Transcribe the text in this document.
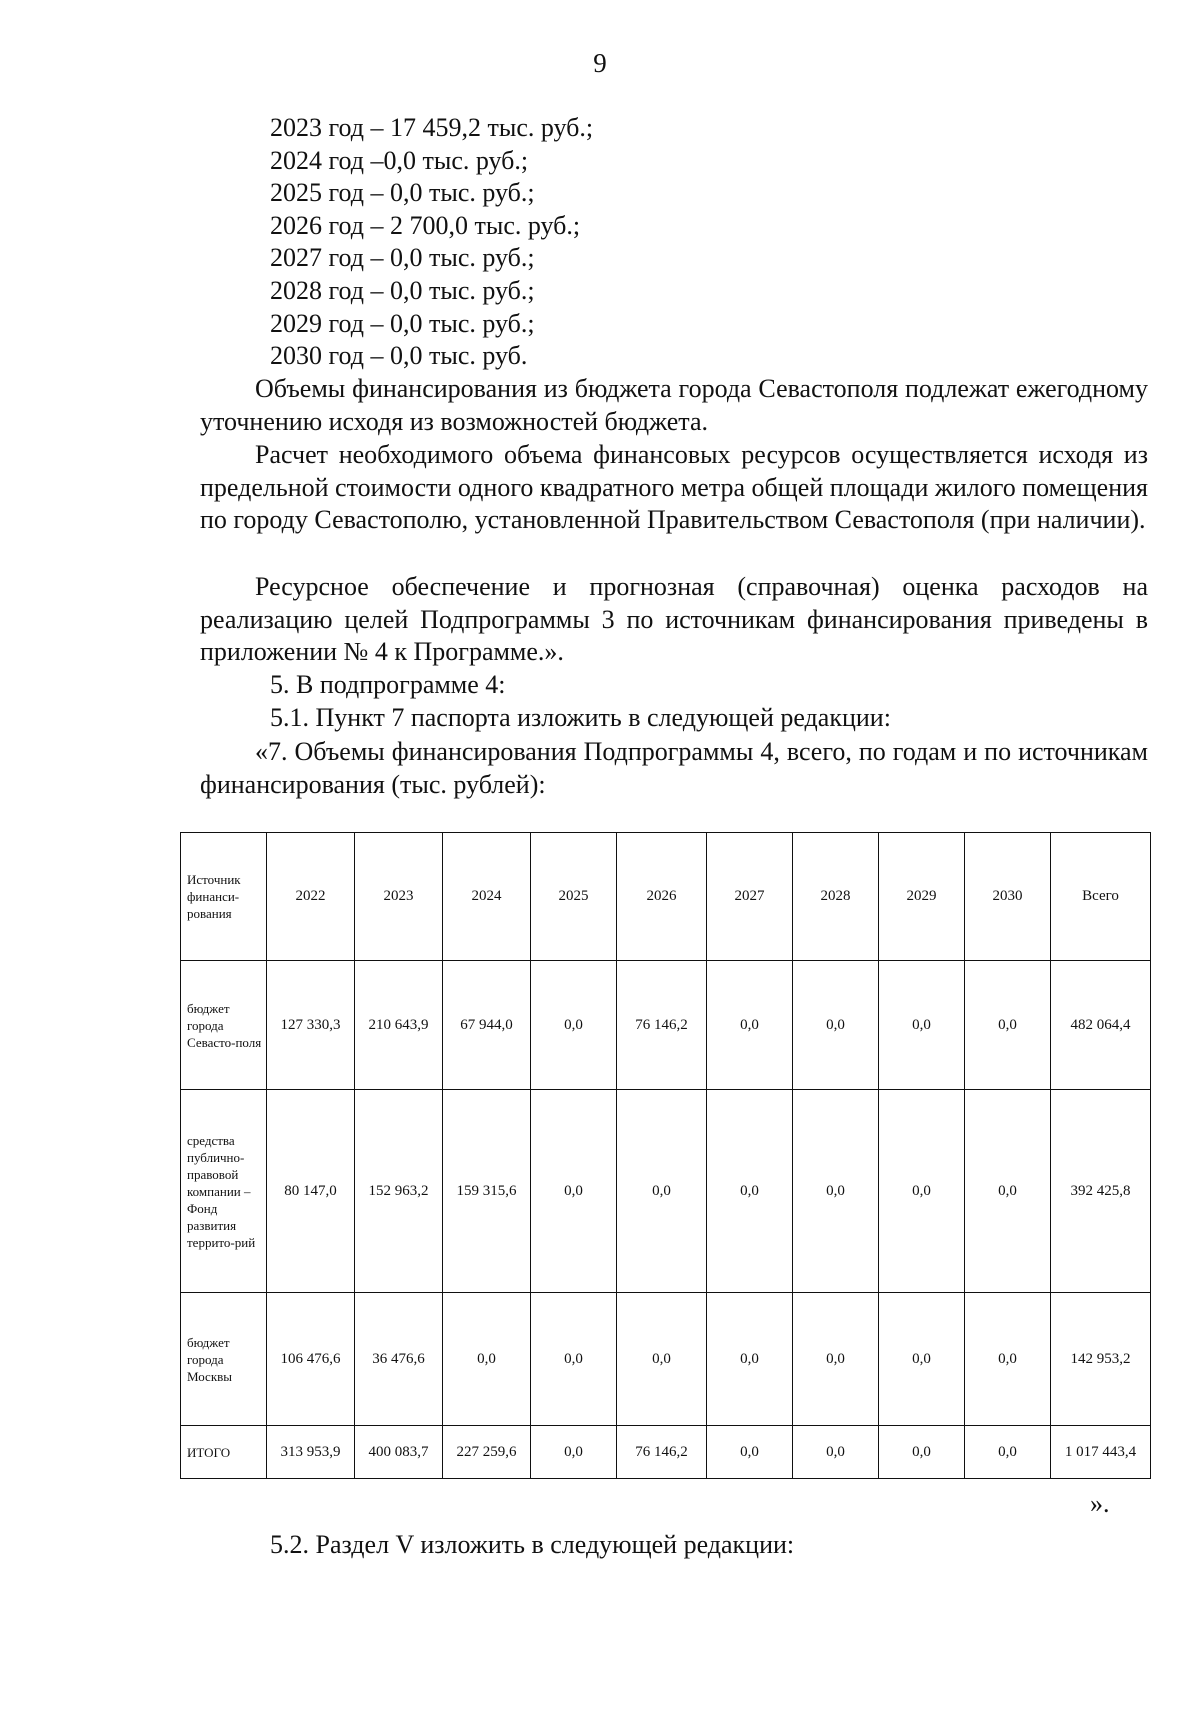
9
2023 год – 17 459,2 тыс. руб.;
2024 год –0,0 тыс. руб.;
2025 год – 0,0 тыс. руб.;
2026 год – 2 700,0 тыс. руб.;
2027 год – 0,0 тыс. руб.;
2028 год – 0,0 тыс. руб.;
2029 год – 0,0 тыс. руб.;
2030 год – 0,0 тыс. руб.
Объемы финансирования из бюджета города Севастополя подлежат ежегодному уточнению исходя из возможностей бюджета.
Расчет необходимого объема финансовых ресурсов осуществляется исходя из предельной стоимости одного квадратного метра общей площади жилого помещения по городу Севастополю, установленной Правительством Севастополя (при наличии).
Ресурсное обеспечение и прогнозная (справочная) оценка расходов на реализацию целей Подпрограммы 3 по источникам финансирования приведены в приложении № 4 к Программе.».
5. В подпрограмме 4:
5.1. Пункт 7 паспорта изложить в следующей редакции:
«7. Объемы финансирования Подпрограммы 4, всего, по годам и по источникам финансирования (тыс. рублей):
Источник финанси-рования	2022	2023	2024	2025	2026	2027	2028	2029	2030	Всего
бюджет города Севасто-поля	127 330,3	210 643,9	67 944,0	0,0	76 146,2	0,0	0,0	0,0	0,0	482 064,4
средства публично-правовой компании – Фонд развития террито-рий	80 147,0	152 963,2	159 315,6	0,0	0,0	0,0	0,0	0,0	0,0	392 425,8
бюджет города Москвы	106 476,6	36 476,6	0,0	0,0	0,0	0,0	0,0	0,0	0,0	142 953,2
ИТОГО	313 953,9	400 083,7	227 259,6	0,0	76 146,2	0,0	0,0	0,0	0,0	1 017 443,4
».
5.2. Раздел V изложить в следующей редакции:
